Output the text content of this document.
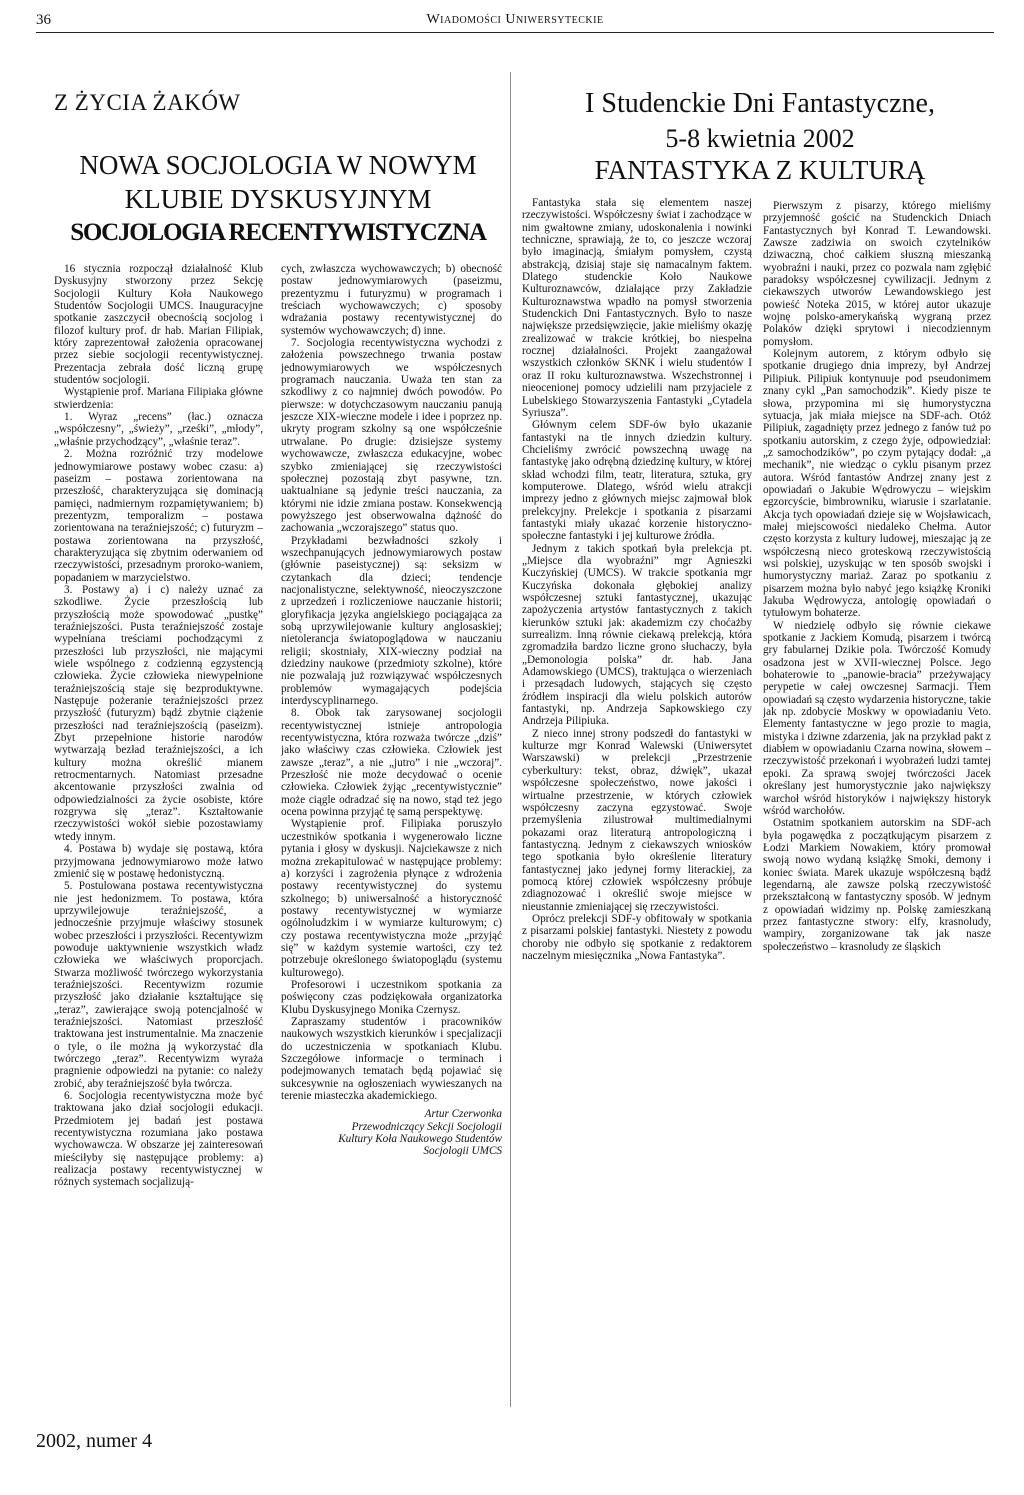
36	Wiadomości Uniwersyteckie
Z ŻYCIA ŻAKÓW
NOWA SOCJOLOGIA W NOWYM
KLUBIE DYSKUSYJNYM
SOCJOLOGIA RECENTYWISTYCZNA

16 stycznia rozpoczął działalność Klub Dyskusyjny stworzony przez Sekcję Socjologii Kultury Koła Naukowego Studentów Socjologii UMCS. Inauguracyjne spotkanie zaszczycił obecnością socjolog i filozof kultury prof. dr hab. Marian Filipiak, który zaprezentował założenia opracowanej przez siebie socjologii recentywistycznej. Prezentacja zebrała dość liczną grupę studentów socjologii.

Wystąpienie prof. Mariana Filipiaka główne stwierdzenia:

1. Wyraz „recens” (łac.) oznacza „współczesny”, „świeży”, „rześki”, „młody”, „właśnie przychodzący”, „właśnie teraz”.

2. Można rozróżnić trzy modelowe jednowymiarowe postawy wobec czasu: a) paseizm – postawa zorientowana na przeszłość, charakteryzująca się dominacją pamięci, nadmiernym rozpamiętywaniem; b) prezentyzm, temporalizm – postawa zorientowana na teraźniejszość; c) futuryzm – postawa zorientowana na przyszłość, charakteryzująca się zbytnim oderwaniem od rzeczywistości, przesadnym proroko-waniem, popadaniem w marzycielstwo.

3. Postawy a) i c) należy uznać za szkodliwe. Życie przeszłością lub przyszłością może spowodować „pustkę” teraźniejszości. Pusta teraźniejszość zostaje wypełniana treściami pochodzącymi z przeszłości lub przyszłości, nie mającymi wiele wspólnego z codzienną egzystencją człowieka. Życie człowieka niewypełnione teraźniejszością staje się bezproduktywne. Następuje pożeranie teraźniejszości przez przyszłość (futuryzm) bądź zbytnie ciążenie przeszłości nad teraźniejszością (paseizm). Zbyt przepełnione historie narodów wytwarzają bezład teraźniejszości, a ich kultury można określić mianem retrocmentarnych. Natomiast przesadne akcentowanie przyszłości zwalnia od odpowiedzialności za życie osobiste, które rozgrywa się „teraz”. Kształtowanie rzeczywistości wokół siebie pozostawiamy wtedy innym.

4. Postawa b) wydaje się postawą, która przyjmowana jednowymiarowo może łatwo zmienić się w postawę hedonistyczną.

5. Postulowana postawa recentywistyczna nie jest hedonizmem. To postawa, która uprzywilejowuje teraźniejszość, a jednocześnie przyjmuje właściwy stosunek wobec przeszłości i przyszłości. Recentywizm powoduje uaktywnienie wszystkich władz człowieka we właściwych proporcjach. Stwarza możliwość twórczego wykorzystania teraźniejszości. Recentywizm rozumie przyszłość jako działanie kształtujące się „teraz”, zawierające swoją potencjalność w teraźniejszości. Natomiast przeszłość traktowana jest instrumentalnie. Ma znaczenie o tyle, o ile można ją wykorzystać dla twórczego „teraz”. Recentywizm wyraża pragnienie odpowiedzi na pytanie: co należy zrobić, aby teraźniejszość była twórcza.

6. Socjologia recentywistyczna może być traktowana jako dział socjologii edukacji. Przedmiotem jej badań jest postawa recentywistyczna rozumiana jako postawa wychowawcza. W obszarze jej zainteresowań mieściłyby się następujące problemy: a) realizacja postawy recentywistycznej w różnych systemach socjalizują-

cych, zwłaszcza wychowawczych; b) obecność postaw jednowymiarowych (paseizmu, prezentyzmu i futuryzmu) w programach i treściach wychowawczych; c) sposoby wdrażania postawy recentywistycznej do systemów wychowawczych; d) inne.

7. Socjologia recentywistyczna wychodzi z założenia powszechnego trwania postaw jednowymiarowych we współczesnych programach nauczania. Uważa ten stan za szkodliwy z co najmniej dwóch powodów. Po pierwsze: w dotychczasowym nauczaniu panują jeszcze XIX-wieczne modele i idee i poprzez np. ukryty program szkolny są one współcześnie utrwalane. Po drugie: dzisiejsze systemy wychowawcze, zwłaszcza edukacyjne, wobec szybko zmieniającej się rzeczywistości społecznej pozostają zbyt pasywne, tzn. uaktualniane są jedynie treści nauczania, za którymi nie idzie zmiana postaw. Konsekwencją powyższego jest obserwowalna dążność do zachowania „wczorajszego” status quo.

Przykładami bezwładności szkoły i wszechpanujących jednowymiarowych postaw (głównie paseistycznej) są: seksizm w czytankach dla dzieci; tendencje nacjonalistyczne, selektywność, nieoczyszczone z uprzedzeń i rozliczeniowe nauczanie historii; gloryfikacja języka angielskiego pociągająca za sobą uprzywilejowanie kultury anglosaskiej; nietolerancja światopoglądowa w nauczaniu religii; skostniały, XIX-wieczny podział na dziedziny naukowe (przedmioty szkolne), które nie pozwalają już rozwiązywać współczesnych problemów wymagających podejścia interdyscyplinarnego.

8. Obok tak zarysowanej socjologii recentywistycznej istnieje antropologia recentywistyczna, która rozważa twórcze „dziś” jako właściwy czas człowieka. Człowiek jest zawsze „teraz”, a nie „jutro” i nie „wczoraj”. Przeszłość nie może decydować o ocenie człowieka. Człowiek żyjąc „recentywistycznie” może ciągle odradzać się na nowo, stąd też jego ocena powinna przyjąć tę samą perspektywę.

Wystąpienie prof. Filipiaka poruszyło uczestników spotkania i wygenerowało liczne pytania i głosy w dyskusji. Najciekawsze z nich można zrekapitulować w następujące problemy: a) korzyści i zagrożenia płynące z wdrożenia postawy recentywistycznej do systemu szkolnego; b) uniwersalność a historyczność postawy recentywistycznej w wymiarze ogólnoludzkim i w wymiarze kulturowym; c) czy postawa recentywistyczna może „przyjąć się” w każdym systemie wartości, czy też potrzebuje określonego światopoglądu (systemu kulturowego).

Profesorowi i uczestnikom spotkania za poświęcony czas podziękowała organizatorka Klubu Dyskusyjnego Monika Czernysz.

Zapraszamy studentów i pracowników naukowych wszystkich kierunków i specjalizacji do uczestniczenia w spotkaniach Klubu. Szczegółowe informacje o terminach i podejmowanych tematach będą pojawiać się sukcesywnie na ogłoszeniach wywieszanych na terenie miasteczka akademickiego.

Artur Czerwonka
Przewodniczący Sekcji Socjologii
Kultury Koła Naukowego Studentów
Socjologii UMCS
I Studenckie Dni Fantastyczne,
5-8 kwietnia 2002
FANTASTYKA Z KULTURĄ

Fantastyka stała się elementem naszej rzeczywistości. Współczesny świat i zachodzące w nim gwałtowne zmiany, udoskonalenia i nowinki techniczne, sprawiają, że to, co jeszcze wczoraj było imaginacją, śmiałym pomysłem, czystą abstrakcją, dzisiaj staje się namacalnym faktem. Dlatego studenckie Koło Naukowe Kulturoznawców, działające przy Zakładzie Kulturoznawstwa wpadło na pomysł stworzenia Studenckich Dni Fantastycznych. Było to nasze największe przedsięwzięcie, jakie mieliśmy okazję zrealizować w trakcie krótkiej, bo niespełna rocznej działalności. Projekt zaangażował wszystkich członków SKNK i wielu studentów I oraz II roku kulturoznawstwa. Wszechstronnej i nieocenionej pomocy udzielili nam przyjaciele z Lubelskiego Stowarzyszenia Fantastyki „Cytadela Syriusza”.

Głównym celem SDF-ów było ukazanie fantastyki na tle innych dziedzin kultury. Chcieliśmy zwrócić powszechną uwagę na fantastykę jako odrębną dziedzinę kultury, w której skład wchodzi film, teatr, literatura, sztuka, gry komputerowe. Dlatego, wśród wielu atrakcji imprezy jedno z głównych miejsc zajmował blok prelekcyjny. Prelekcje i spotkania z pisarzami fantastyki miały ukazać korzenie historyczno-społeczne fantastyki i jej kulturowe źródła.

Jednym z takich spotkań była prelekcja pt. „Miejsce dla wyobraźni” mgr Agnieszki Kuczyńskiej (UMCS). W trakcie spotkania mgr Kuczyńska dokonała głębokiej analizy współczesnej sztuki fantastycznej, ukazując zapożyczenia artystów fantastycznych z takich kierunków sztuki jak: akademizm czy choćażby surrealizm. Inną równie ciekawą prelekcją, która zgromadziła bardzo liczne grono słuchaczy, była „Demonologia polska” dr. hab. Jana Adamowskiego (UMCS), traktująca o wierzeniach i przesądach ludowych, stających się często źródłem inspiracji dla wielu polskich autorów fantastyki, np. Andrzeja Sapkowskiego czy Andrzeja Pilipiuka.

Z nieco innej strony podszedł do fantastyki w kulturze mgr Konrad Walewski (Uniwersytet Warszawski) w prelekcji „Przestrzenie cyberkultury: tekst, obraz, dźwięk”, ukazał współczesne społeczeństwo, nowe jakości i wirtualne przestrzenie, w których człowiek współczesny zaczyna egzystować. Swoje przemyślenia zilustrował multimedialnymi pokazami oraz literaturą antropologiczną i fantastyczną. Jednym z ciekawszych wniosków tego spotkania było określenie literatury fantastycznej jako jedynej formy literackiej, za pomocą której człowiek współczesny próbuje zdiagnozować i określić swoje miejsce w nieustannie zmieniającej się rzeczywistości.

Oprócz prelekcji SDF-y obfitowały w spotkania z pisarzami polskiej fantastyki. Niestety z powodu choroby nie odbyło się spotkanie z redaktorem naczelnym miesięcznika „Nowa Fantastyka”.

Pierwszym z pisarzy, którego mieliśmy przyjemność gościć na Studenckich Dniach Fantastycznych był Konrad T. Lewandowski. Zawsze zadziwia on swoich czytelników dziwaczną, choć całkiem słuszną mieszanką wyobraźni i nauki, przez co pozwala nam zgłębić paradoksy współczesnej cywilizacji. Jednym z ciekawszych utworów Lewandowskiego jest powieść Noteka 2015, w której autor ukazuje wojnę polsko-amerykańską wygraną przez Polaków dzięki sprytowi i niecodziennym pomysłom.

Kolejnym autorem, z którym odbyło się spotkanie drugiego dnia imprezy, był Andrzej Pilipiuk. Pilipiuk kontynuuje pod pseudonimem znany cykl „Pan samochodzik”. Kiedy pisze te słowa, przypomina mi się humorystyczna sytuacja, jak miała miejsce na SDF-ach. Otóż Pilipiuk, zagadnięty przez jednego z fanów tuż po spotkaniu autorskim, z czego żyje, odpowiedział: „z samochodzików”, po czym pytający dodał: „a mechanik”, nie wiedząc o cyklu pisanym przez autora. Wśród fantastów Andrzej znany jest z opowiadań o Jakubie Wędrowyczu – wiejskim egzorcyście, bimbrowniku, wiarusie i szarlatanie. Akcja tych opowiadań dzieje się w Wojsławicach, małej miejscowości niedaleko Chełma. Autor często korzysta z kultury ludowej, mieszając ją ze współczesną nieco groteskową rzeczywistością wsi polskiej, uzyskując w ten sposób swojski i humorystyczny mariaż. Zaraz po spotkaniu z pisarzem można było nabyć jego książkę Kroniki Jakuba Wędrowycza, antologię opowiadań o tytułowym bohaterze.

W niedzielę odbyło się równie ciekawe spotkanie z Jackiem Komudą, pisarzem i twórcą gry fabularnej Dzikie pola. Twórczość Komudy osadzona jest w XVII-wiecznej Polsce. Jego bohaterowie to „panowie-bracia” przeżywający perypetie w całej owczesnej Sarmacji. Tłem opowiadań są często wydarzenia historyczne, takie jak np. zdobycie Moskwy w opowiadaniu Veto. Elementy fantastyczne w jego prozie to magia, mistyka i dziwne zdarzenia, jak na przykład pakt z diabłem w opowiadaniu Czarna nowina, słowem – rzeczywistość przekonań i wyobrażeń ludzi tamtej epoki. Za sprawą swojej twórczości Jacek określany jest humorystycznie jako największy warchoł wśród historyków i największy historyk wśród warchołów.

Ostatnim spotkaniem autorskim na SDF-ach była pogawędka z początkującym pisarzem z Łodzi Markiem Nowakiem, który promował swoją nowo wydaną książkę Smoki, demony i koniec świata. Marek ukazuje współczesną bądź legendarną, ale zawsze polską rzeczywistość przekształconą w fantastyczny sposób. W jednym z opowiadań widzimy np. Polskę zamieszkaną przez fantastyczne stwory: elfy, krasnoludy, wampiry, zorganizowane tak jak nasze społeczeństwo – krasnoludy ze śląskich

2002, numer 4
